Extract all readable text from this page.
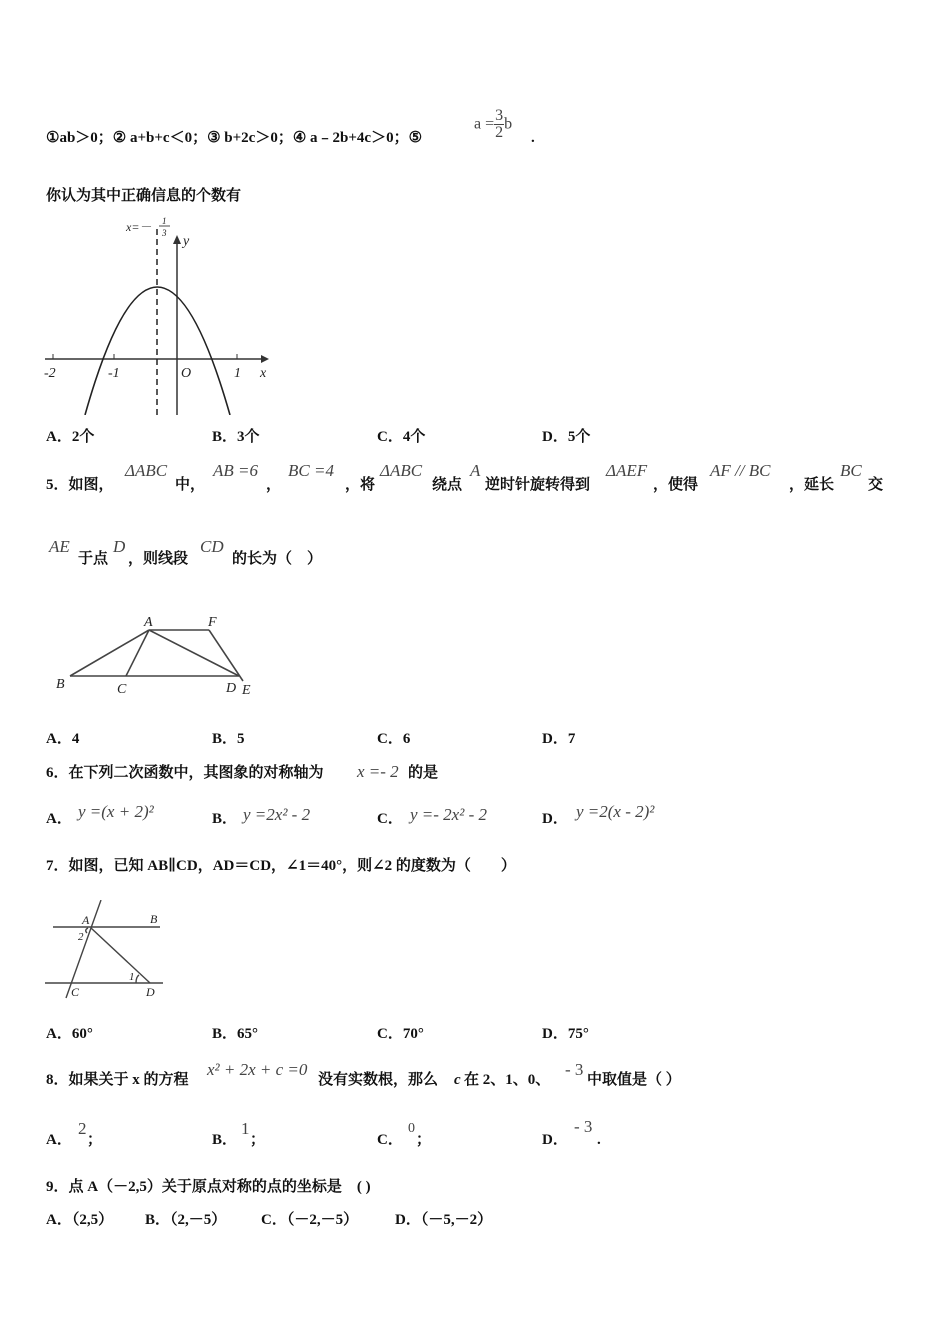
①ab＞0；② a+b+c＜0；③ b+2c＞0；④ a﹣2b+4c＞0；⑤
$a = \frac{3}{2}$ b
.
你认为其中正确信息的个数有
x=－ 1
3
y
x
O
-2	-1	1
A．2个	B．3个	C．4个	D．5个
5．如图，
ΔABC
中，
AB =6
，
BC =4
，将
ΔABC
绕点
A
逆时针旋转得到
ΔAEF
，使得
AF // BC
，延长
BC
交
AE
于点
D
，则线段
CD
的长为（　）
A	F
B	C	D E
A．4	B．5	C．6	D．7
6．在下列二次函数中，其图象的对称轴为 x =- 2 的是
A． y =(x + 2)²	B． y =2x² - 2	C． y =- 2x² - 2	D． y =2(x - 2)²
7．如图，已知 AB∥CD，AD＝CD，∠1＝40°，则∠2 的度数为（　　）
A	B
C	D
1
2
A．60°	B．65°	C．70°	D．75°
8．如果关于 x 的方程
x² + 2x + c =0
没有实数根，那么 c 在 2、1、0、
- 3
中取值是（ ）
A．
2
；	B．
1
；	C．
0
；	D．
- 3
.
9．点 A（－2,5）关于原点对称的点的坐标是　( )
A．（2,5） B．（2,－5） C．（－2,－5） D．（－5,－2）
